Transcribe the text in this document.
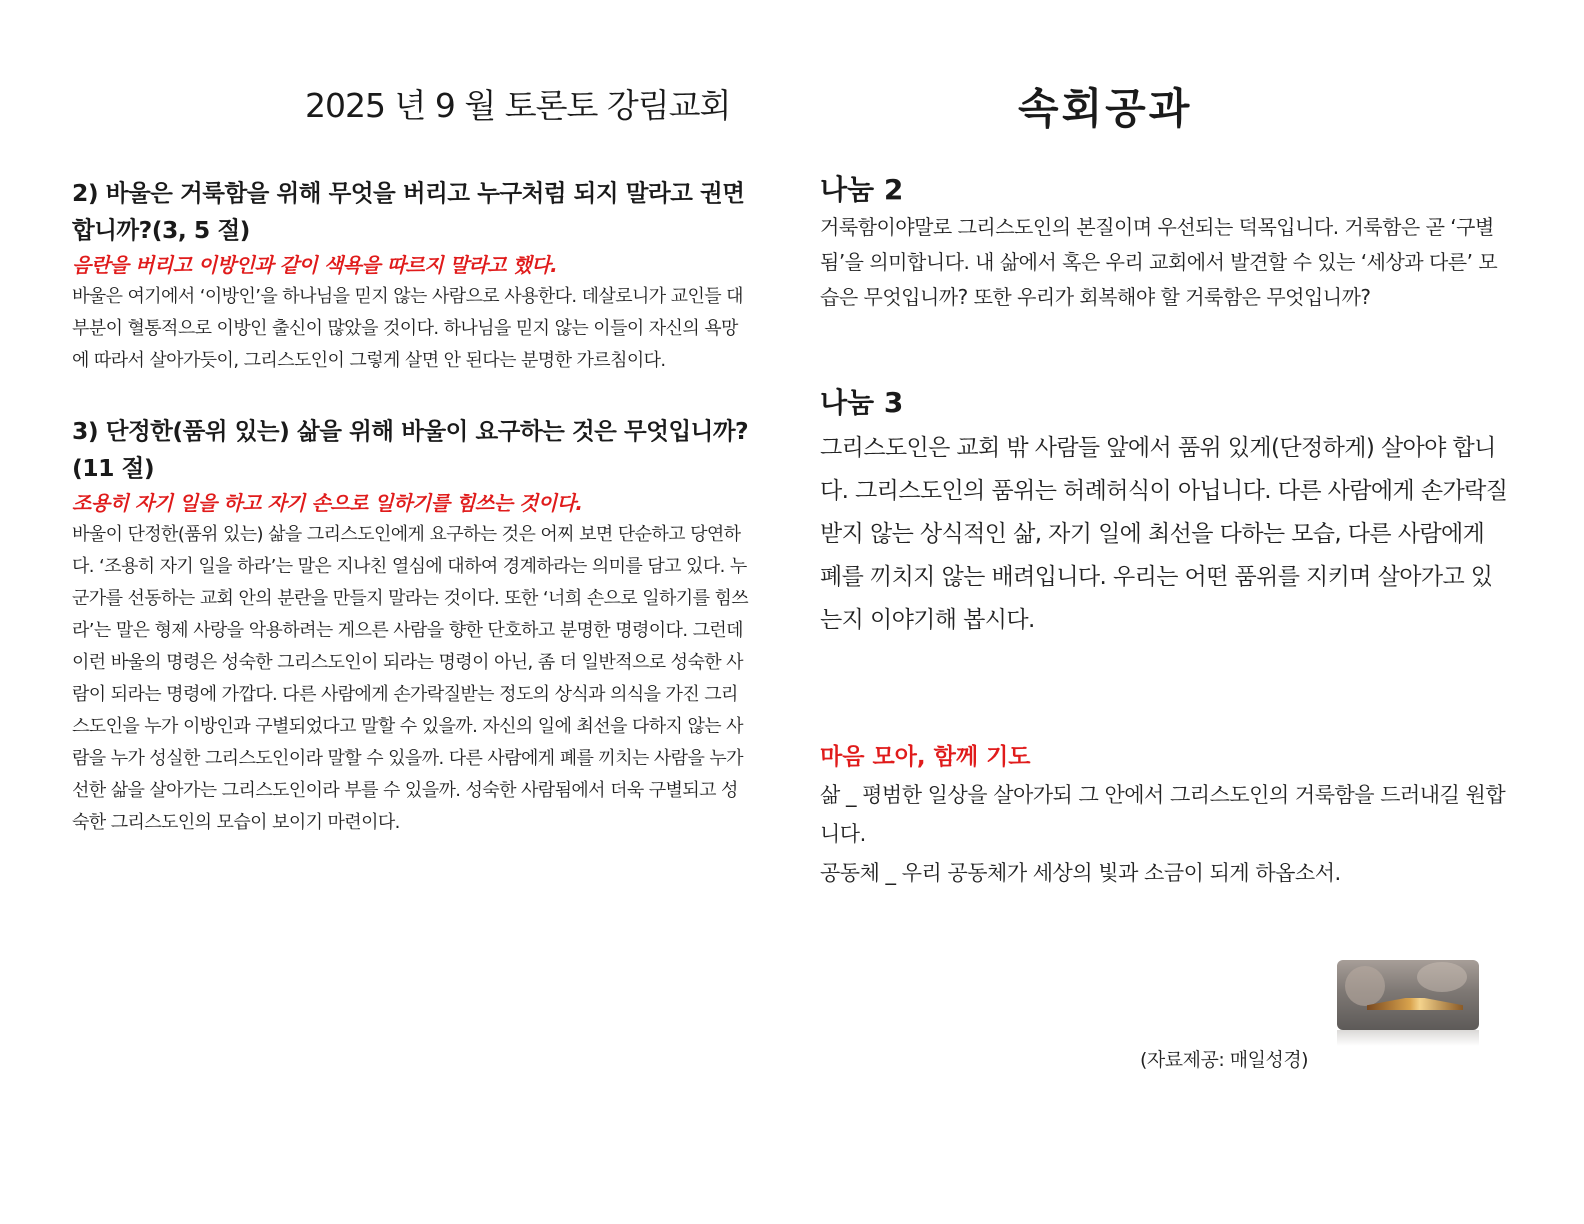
2025 년 9 월 토론토 강림교회	속회공과

2) 바울은 거룩함을 위해 무엇을 버리고 누구처럼 되지 말라고 권면합니까?(3, 5 절)

음란을 버리고 이방인과 같이 색욕을 따르지 말라고 했다.

바울은 여기에서 ‘이방인’을 하나님을 믿지 않는 사람으로 사용한다. 데살로니가 교인들 대부분이 혈통적으로 이방인 출신이 많았을 것이다. 하나님을 믿지 않는 이들이 자신의 욕망에 따라서 살아가듯이, 그리스도인이 그렇게 살면 안 된다는 분명한 가르침이다.

3) 단정한(품위 있는) 삶을 위해 바울이 요구하는 것은 무엇입니까?(11 절)

조용히 자기 일을 하고 자기 손으로 일하기를 힘쓰는 것이다.

바울이 단정한(품위 있는) 삶을 그리스도인에게 요구하는 것은 어찌 보면 단순하고 당연하다. ‘조용히 자기 일을 하라’는 말은 지나친 열심에 대하여 경계하라는 의미를 담고 있다. 누군가를 선동하는 교회 안의 분란을 만들지 말라는 것이다. 또한 ‘너희 손으로 일하기를 힘쓰라’는 말은 형제 사랑을 악용하려는 게으른 사람을 향한 단호하고 분명한 명령이다. 그런데 이런 바울의 명령은 성숙한 그리스도인이 되라는 명령이 아닌, 좀 더 일반적으로 성숙한 사람이 되라는 명령에 가깝다. 다른 사람에게 손가락질받는 정도의 상식과 의식을 가진 그리스도인을 누가 이방인과 구별되었다고 말할 수 있을까. 자신의 일에 최선을 다하지 않는 사람을 누가 성실한 그리스도인이라 말할 수 있을까. 다른 사람에게 폐를 끼치는 사람을 누가 선한 삶을 살아가는 그리스도인이라 부를 수 있을까. 성숙한 사람됨에서 더욱 구별되고 성숙한 그리스도인의 모습이 보이기 마련이다.

나눔 2

거룩함이야말로 그리스도인의 본질이며 우선되는 덕목입니다. 거룩함은 곧 ‘구별됨’을 의미합니다. 내 삶에서 혹은 우리 교회에서 발견할 수 있는 ‘세상과 다른’ 모습은 무엇입니까? 또한 우리가 회복해야 할 거룩함은 무엇입니까?

나눔 3

그리스도인은 교회 밖 사람들 앞에서 품위 있게(단정하게) 살아야 합니다. 그리스도인의 품위는 허례허식이 아닙니다. 다른 사람에게 손가락질 받지 않는 상식적인 삶, 자기 일에 최선을 다하는 모습, 다른 사람에게 폐를 끼치지 않는 배려입니다. 우리는 어떤 품위를 지키며 살아가고 있는지 이야기해 봅시다.

마음 모아, 함께 기도

삶 _ 평범한 일상을 살아가되 그 안에서 그리스도인의 거룩함을 드러내길 원합니다.

공동체 _ 우리 공동체가 세상의 빛과 소금이 되게 하옵소서.

(자료제공: 매일성경)
